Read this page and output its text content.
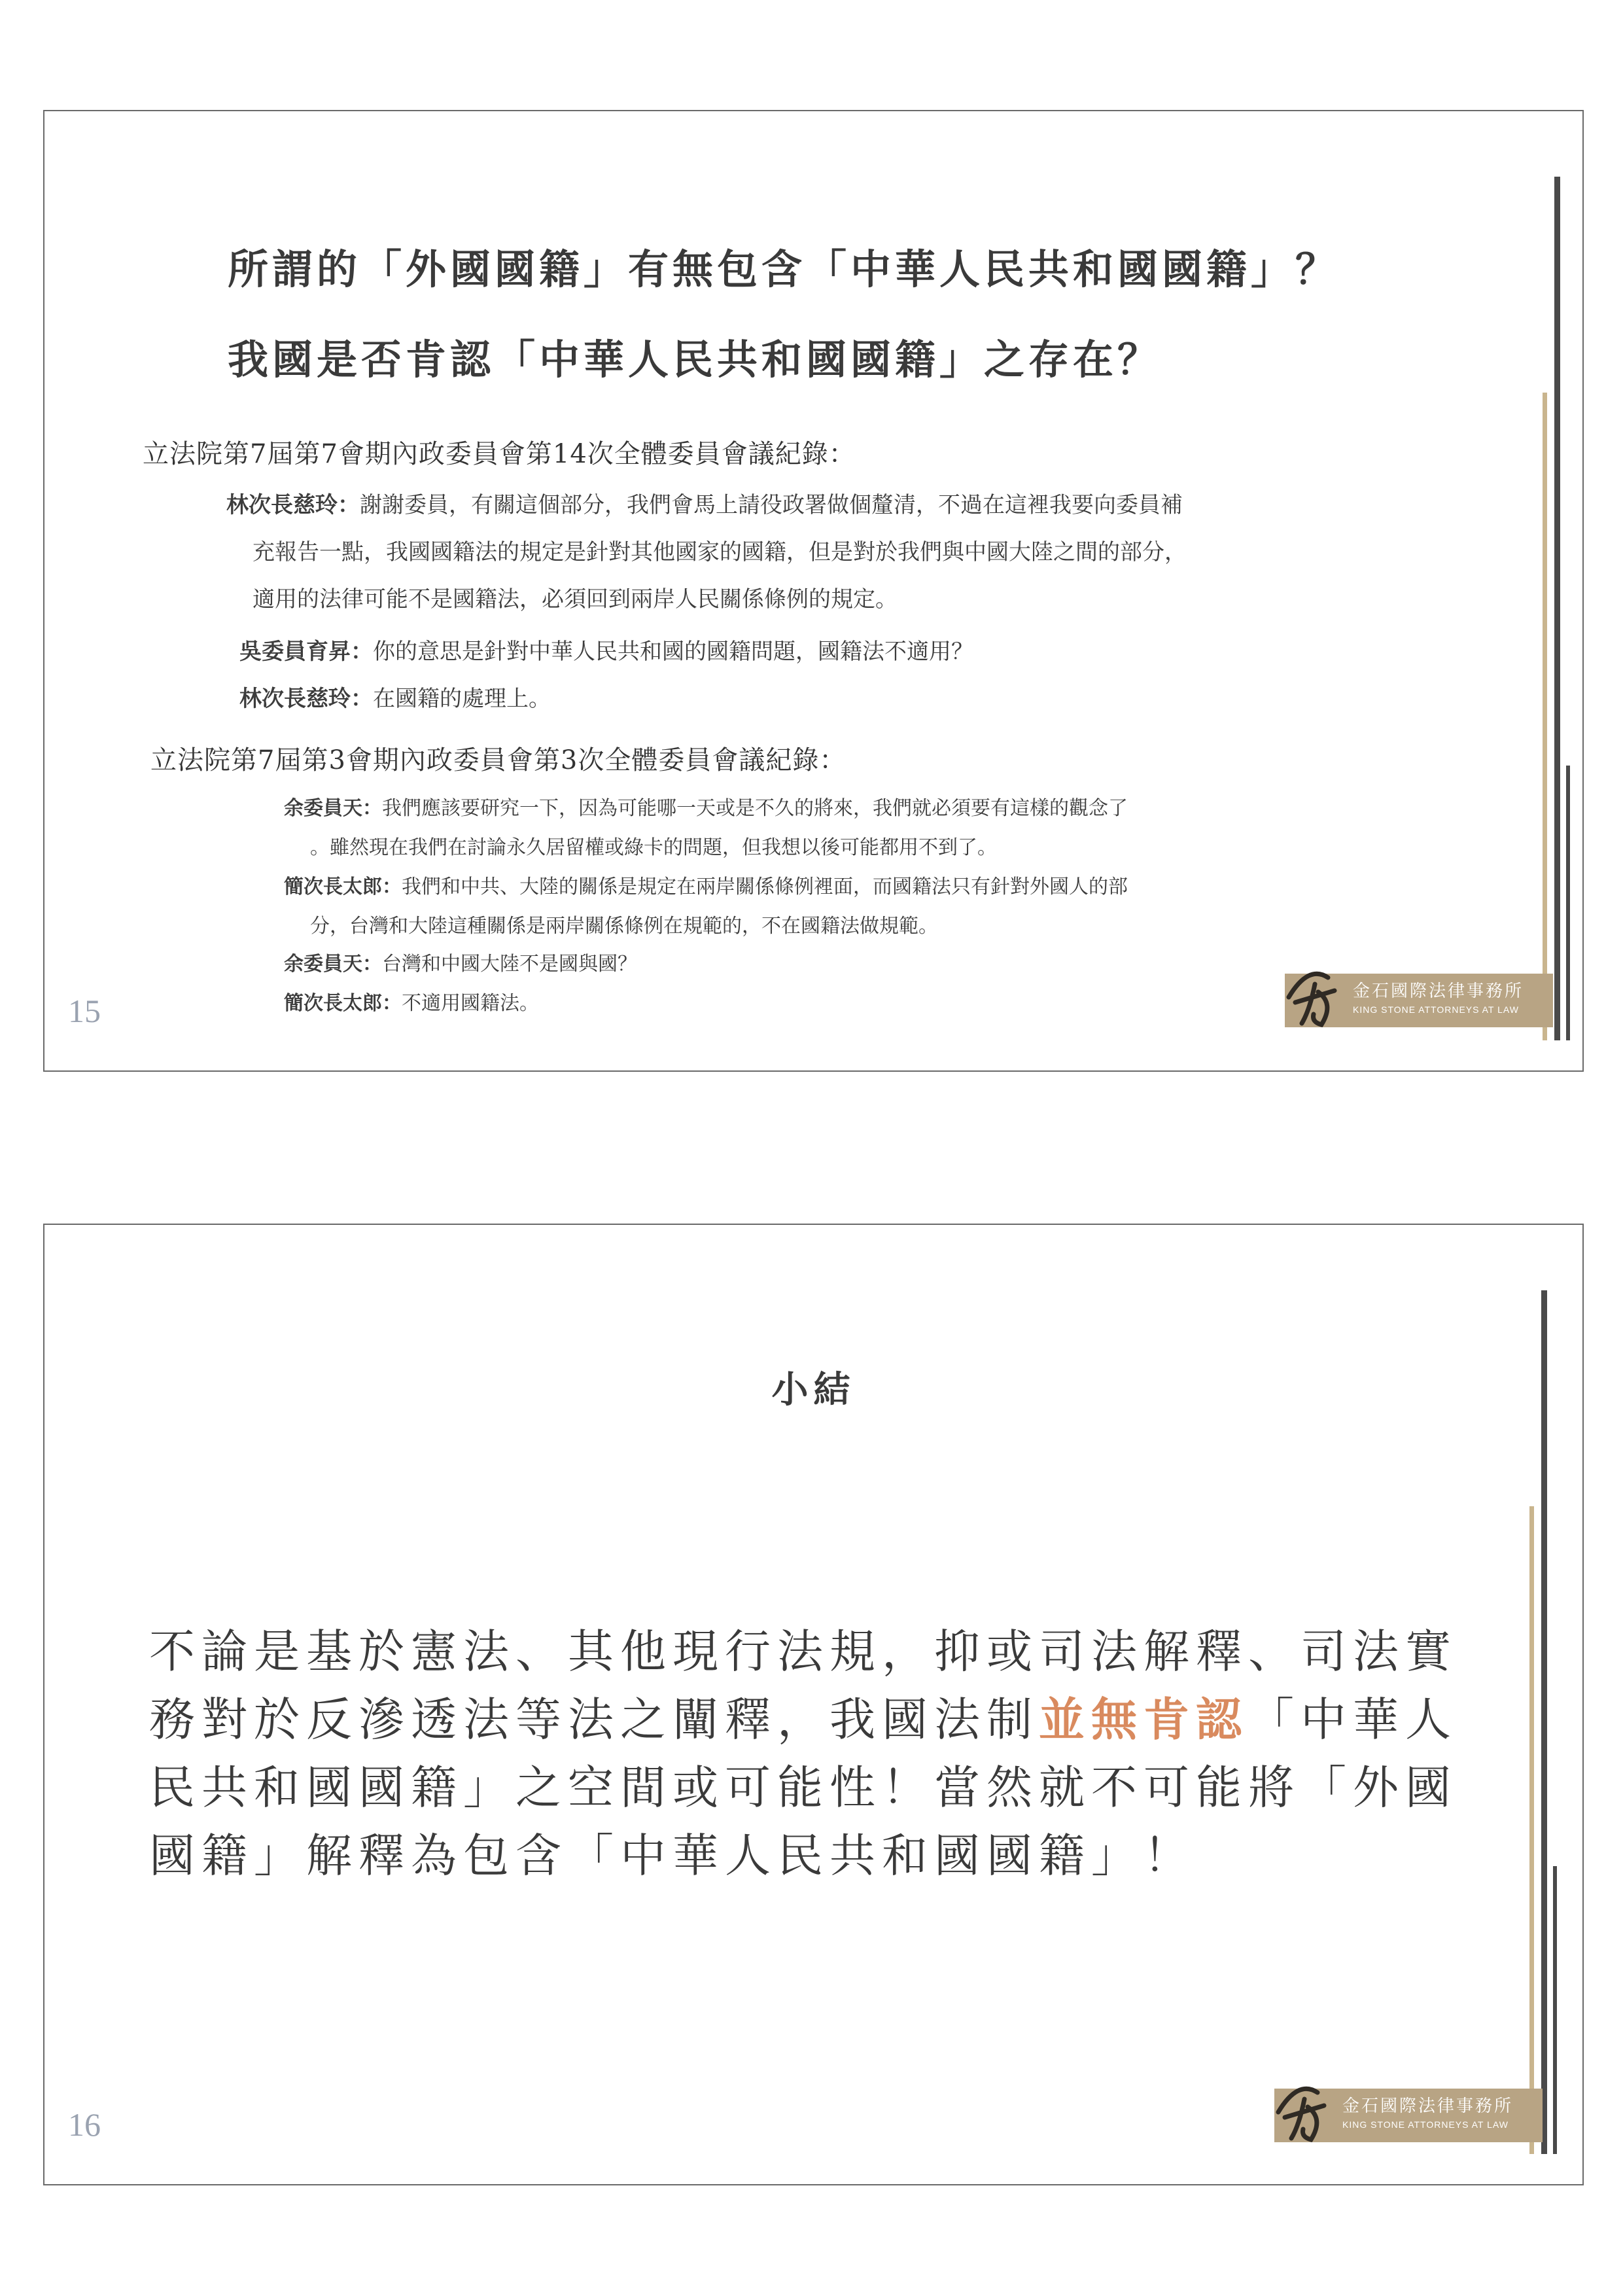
所謂的「外國國籍」有無包含「中華人民共和國國籍」？
我國是否肯認「中華人民共和國國籍」之存在？
立法院第7屆第7會期內政委員會第14次全體委員會議紀錄：
林次長慈玲：謝謝委員，有關這個部分，我們會馬上請役政署做個釐清，不過在這裡我要向委員補
充報告一點，我國國籍法的規定是針對其他國家的國籍，但是對於我們與中國大陸之間的部分，
適用的法律可能不是國籍法，必須回到兩岸人民關係條例的規定。
吳委員育昇：你的意思是針對中華人民共和國的國籍問題，國籍法不適用？
林次長慈玲：在國籍的處理上。
立法院第7屆第3會期內政委員會第3次全體委員會議紀錄：
余委員天：我們應該要研究一下，因為可能哪一天或是不久的將來，我們就必須要有這樣的觀念了
。雖然現在我們在討論永久居留權或綠卡的問題，但我想以後可能都用不到了。
簡次長太郎：我們和中共、大陸的關係是規定在兩岸關係條例裡面，而國籍法只有針對外國人的部
分，台灣和大陸這種關係是兩岸關係條例在規範的，不在國籍法做規範。
余委員天：台灣和中國大陸不是國與國？
簡次長太郎：不適用國籍法。
金石國際法律事務所
KING STONE ATTORNEYS AT LAW
15
小結
不論是基於憲法、其他現行法規，抑或司法解釋、司法實務對於反滲透法等法之闡釋，我國法制並無肯認「中華人民共和國國籍」之空間或可能性！當然就不可能將「外國國籍」解釋為包含「中華人民共和國國籍」！
金石國際法律事務所
KING STONE ATTORNEYS AT LAW
16
